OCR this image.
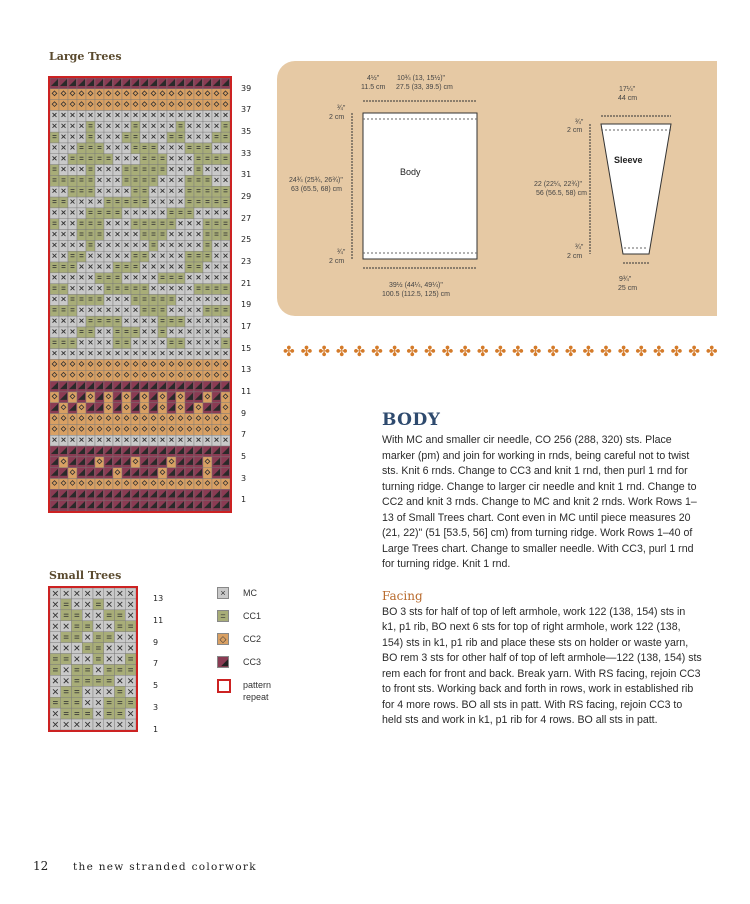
Large Trees
39
37
35
33
31
29
27
25
23
21
19
17
15
13
11
9
7
5
3
1
Small Trees
13
11
9
7
5
3
1
×	MC
=	CC1
◇ CC2
◢ CC3
pattern repeat
Body
Sleeve
4½"
11.5 cm
10¾ (13, 15½)"
27.5 (33, 39.5) cm
¾"
2 cm
24¾ (25¾, 26¾)"
63 (65.5, 68) cm
¾"
2 cm
39½ (44¼, 49¼)"
100.5 (112.5, 125) cm
17¼"
44 cm
¾"
2 cm
22 (22¼, 22¾)"
56 (56.5, 58) cm
¾"
2 cm
9¾"
25 cm
✤ ✤ ✤ ✤ ✤ ✤ ✤ ✤ ✤ ✤ ✤ ✤ ✤ ✤ ✤ ✤ ✤ ✤ ✤ ✤ ✤ ✤ ✤ ✤ ✤
BODY
With MC and smaller cir needle, CO 256 (288, 320) sts. Place marker (pm) and join for working in rnds, being careful not to twist sts. Knit 6 rnds. Change to CC3 and knit 1 rnd, then purl 1 rnd for turning ridge. Change to larger cir needle and knit 1 rnd. Change to CC2 and knit 3 rnds. Change to MC and knit 2 rnds. Work Rows 1–13 of Small Trees chart. Cont even in MC until piece measures 20 (21, 22)" (51 [53.5, 56] cm) from turning ridge. Work Rows 1–40 of Large Trees chart. Change to smaller needle. With CC3, purl 1 rnd for turning ridge. Knit 1 rnd.
Facing
BO 3 sts for half of top of left armhole, work 122 (138, 154) sts in k1, p1 rib, BO next 6 sts for top of right armhole, work 122 (138, 154) sts in k1, p1 rib and place these sts on holder or waste yarn, BO rem 3 sts for other half of top of left armhole—122 (138, 154) sts rem each for front and back. Break yarn. With RS facing, rejoin CC3 to front sts. Working back and forth in rows, work in established rib for 4 more rows. BO all sts in patt. With RS facing, rejoin CC3 to held sts and work in k1, p1 rib for 4 rows. BO all sts in patt.
12 the new stranded colorwork
